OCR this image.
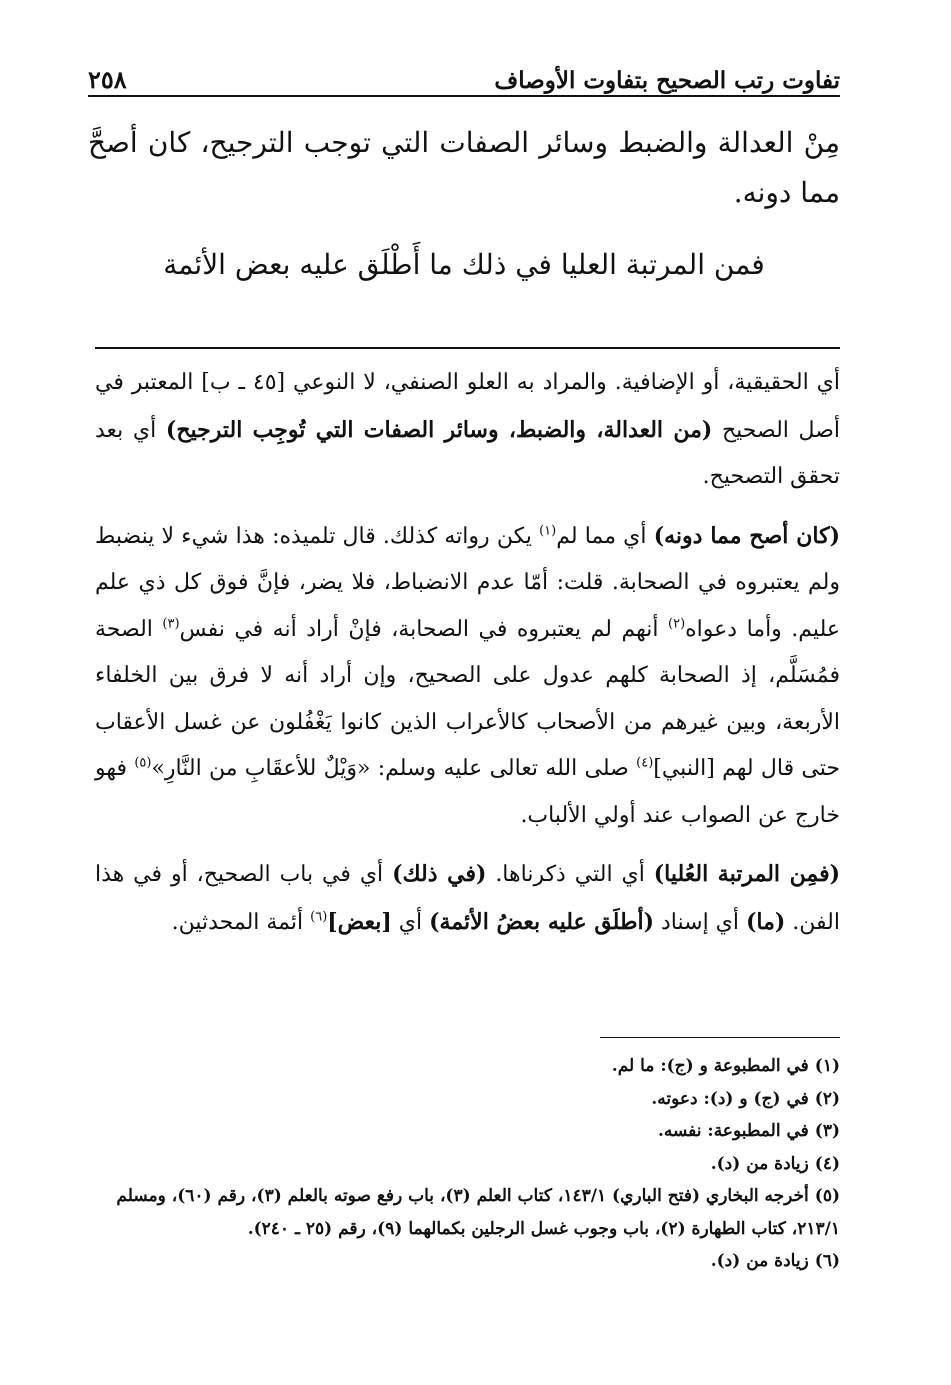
٢٥٨	تفاوت رتب الصحيح بتفاوت الأوصاف

مِنْ العدالة والضبط وسائر الصفات التي توجب الترجيح، كان أصحَّ مما دونه.

فمن المرتبة العليا في ذلك ما أَطْلَق عليه بعض الأئمة

أي الحقيقية، أو الإضافية. والمراد به العلو الصنفي، لا النوعي [٤٥ ـ ب] المعتبر في أصل الصحيح (من العدالة، والضبط، وسائر الصفات التي تُوجِب الترجيح) أي بعد تحقق التصحيح.

(كان أصح مما دونه) أي مما لم$^{(١)}$ يكن رواته كذلك. قال تلميذه: هذا شيء لا ينضبط ولم يعتبروه في الصحابة. قلت: أمّا عدم الانضباط، فلا يضر، فإنَّ فوق كل ذي علم عليم. وأما دعواه$^{(٢)}$ أنهم لم يعتبروه في الصحابة، فإنْ أراد أنه في نفس$^{(٣)}$ الصحة فمُسَلَّم، إذ الصحابة كلهم عدول على الصحيح، وإن أراد أنه لا فرق بين الخلفاء الأربعة، وبين غيرهم من الأصحاب كالأعراب الذين كانوا يَغْفُلون عن غسل الأعقاب حتى قال لهم [النبي]$^{(٤)}$ صلى الله تعالى عليه وسلم: «وَيْلٌ للأعقَابِ من النَّارِ»$^{(٥)}$ فهو خارج عن الصواب عند أولي الألباب.

(فمِن المرتبة العُليا) أي التي ذكرناها. (في ذلك) أي في باب الصحيح، أو في هذا الفن. (ما) أي إسناد (أطلَق عليه بعضُ الأئمة) أي [بعض]$^{(٦)}$ أئمة المحدثين.

(١)في المطبوعة و (ج): ما لم.

(٢)في (ج) و (د): دعوته.

(٣)في المطبوعة: نفسه.

(٤)زيادة من (د).

(٥)أخرجه البخاري (فتح الباري) ١٤٣/١، كتاب العلم (٣)، باب رفع صوته بالعلم (٣)، رقم (٦٠)، ومسلم ٢١٣/١، كتاب الطهارة (٢)، باب وجوب غسل الرجلين بكمالهما (٩)، رقم (٢٥ ـ ٢٤٠).

(٦)زيادة من (د).
